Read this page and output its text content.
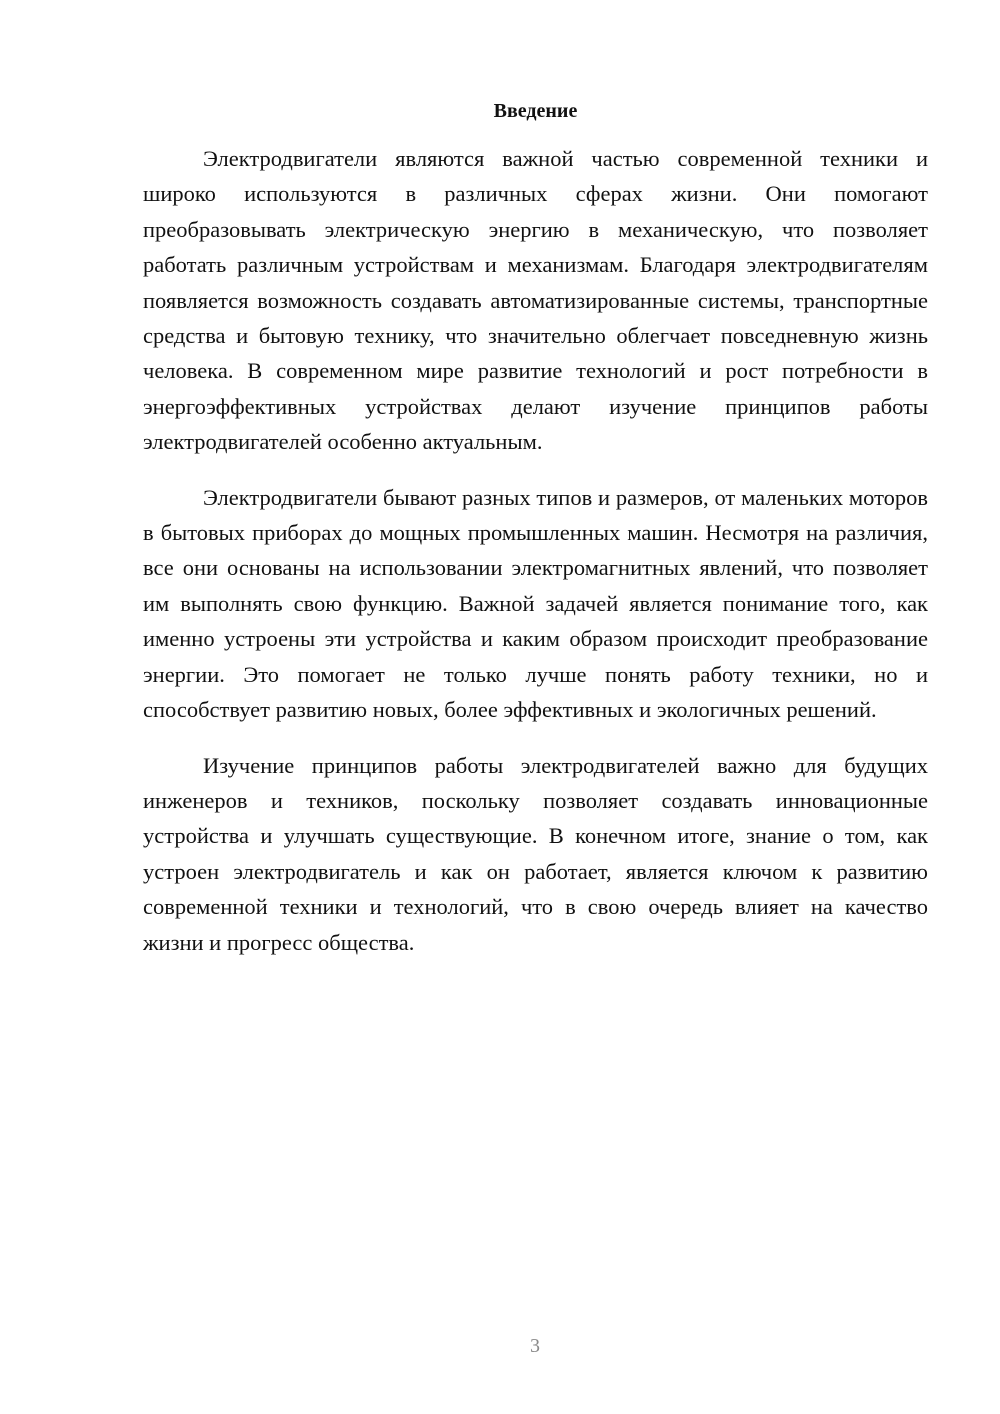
Введение

Электродвигатели являются важной частью современной техники и широко используются в различных сферах жизни. Они помогают преобразовывать электрическую энергию в механическую, что позволяет работать различным устройствам и механизмам. Благодаря электродвигателям появляется возможность создавать автоматизированные системы, транспортные средства и бытовую технику, что значительно облегчает повседневную жизнь человека. В современном мире развитие технологий и рост потребности в энергоэффективных устройствах делают изучение принципов работы электродвигателей особенно актуальным.

Электродвигатели бывают разных типов и размеров, от маленьких моторов в бытовых приборах до мощных промышленных машин. Несмотря на различия, все они основаны на использовании электромагнитных явлений, что позволяет им выполнять свою функцию. Важной задачей является понимание того, как именно устроены эти устройства и каким образом происходит преобразование энергии. Это помогает не только лучше понять работу техники, но и способствует развитию новых, более эффективных и экологичных решений.

Изучение принципов работы электродвигателей важно для будущих инженеров и техников, поскольку позволяет создавать инновационные устройства и улучшать существующие. В конечном итоге, знание о том, как устроен электродвигатель и как он работает, является ключом к развитию современной техники и технологий, что в свою очередь влияет на качество жизни и прогресс общества.

3
